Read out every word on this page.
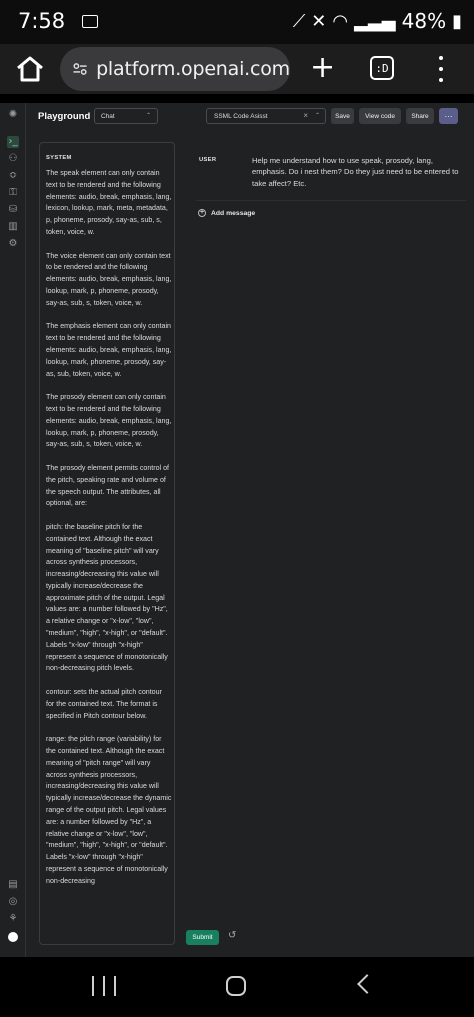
7:58	⟋ ✕ ◠ ▂▃▄ 48% ▮
platform.openai.com +	:D
✺
›_
⚇
≎
⚿
⛁
▥
⚙
▤
◎
⚘
Playground Chat	⌃	SSML Code Asisst	× ⌃	Save	View code	Share	···
SYSTEM

The speak element can only contain text to be rendered and the following elements: audio, break, emphasis, lang, lexicon, lookup, mark, meta, metadata, p, phoneme, prosody, say-as, sub, s, token, voice, w.

The voice element can only contain text to be rendered and the following elements: audio, break, emphasis, lang, lookup, mark, p, phoneme, prosody, say-as, sub, s, token, voice, w.

The emphasis element can only contain text to be rendered and the following elements: audio, break, emphasis, lang, lookup, mark, phoneme, prosody, say-as, sub, token, voice, w.

The prosody element can only contain text to be rendered and the following elements: audio, break, emphasis, lang, lookup, mark, p, phoneme, prosody, say-as, sub, s, token, voice, w.

The prosody element permits control of the pitch, speaking rate and volume of the speech output. The attributes, all optional, are:

pitch: the baseline pitch for the contained text. Although the exact meaning of "baseline pitch" will vary across synthesis processors, increasing/decreasing this value will typically increase/decrease the approximate pitch of the output. Legal values are: a number followed by "Hz", a relative change or "x-low", "low", "medium", "high", "x-high", or "default". Labels "x-low" through "x-high" represent a sequence of monotonically non-decreasing pitch levels.

contour: sets the actual pitch contour for the contained text. The format is specified in Pitch contour below.

range: the pitch range (variability) for the contained text. Although the exact meaning of "pitch range" will vary across synthesis processors, increasing/decreasing this value will typically increase/decrease the dynamic range of the output pitch. Legal values are: a number followed by "Hz", a relative change or "x-low", "low", "medium", "high", "x-high", or "default". Labels "x-low" through "x-high" represent a sequence of monotonically non-decreasing

USER	Help me understand how to use speak, prosody, lang, emphasis. Do i nest them? Do they just need to be entered to take affect? Etc.
+ Add message
Submit	↺
